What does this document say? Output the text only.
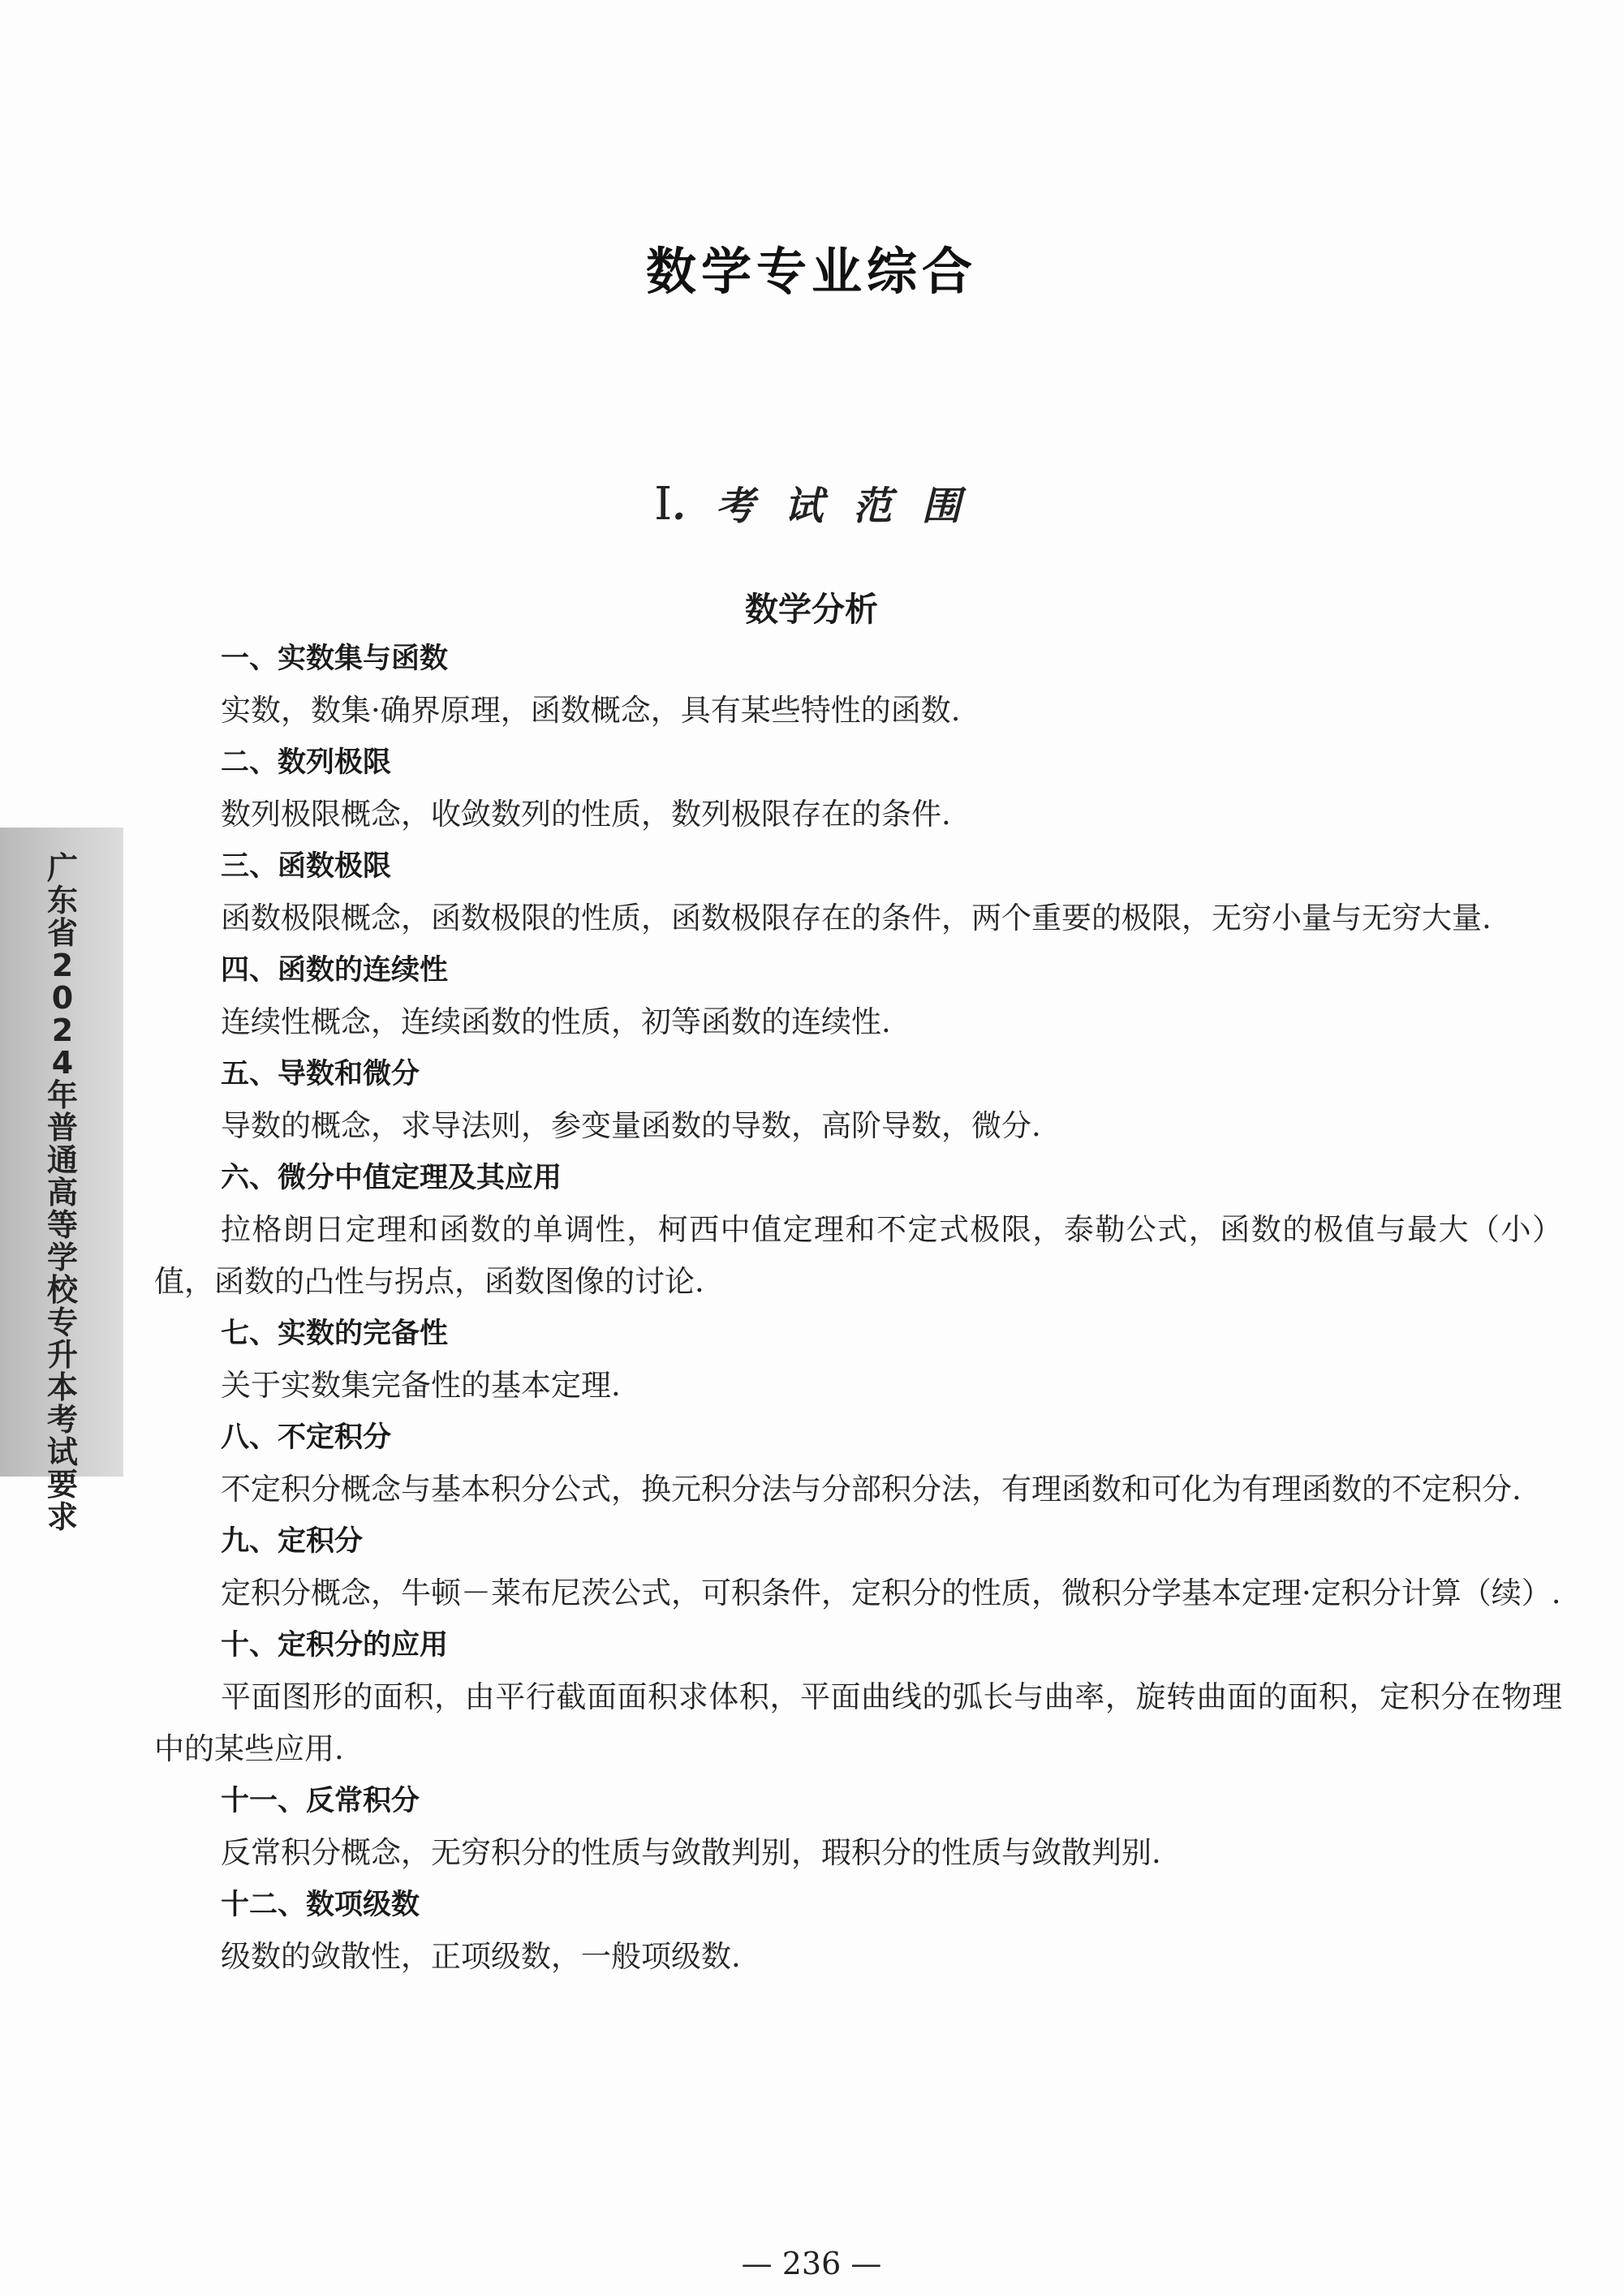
数学专业综合
I. 考 试 范 围
数学分析
一、实数集与函数
实数，数集·确界原理，函数概念，具有某些特性的函数.
二、数列极限
数列极限概念，收敛数列的性质，数列极限存在的条件.
三、函数极限
函数极限概念，函数极限的性质，函数极限存在的条件，两个重要的极限，无穷小量与无穷大量.
四、函数的连续性
连续性概念，连续函数的性质，初等函数的连续性.
五、导数和微分
导数的概念，求导法则，参变量函数的导数，高阶导数，微分.
六、微分中值定理及其应用
拉格朗日定理和函数的单调性，柯西中值定理和不定式极限，泰勒公式，函数的极值与最大（小）值，函数的凸性与拐点，函数图像的讨论.
七、实数的完备性
关于实数集完备性的基本定理.
八、不定积分
不定积分概念与基本积分公式，换元积分法与分部积分法，有理函数和可化为有理函数的不定积分.
九、定积分
定积分概念，牛顿－莱布尼茨公式，可积条件，定积分的性质，微积分学基本定理·定积分计算（续）.
十、定积分的应用
平面图形的面积，由平行截面面积求体积，平面曲线的弧长与曲率，旋转曲面的面积，定积分在物理中的某些应用.
十一、反常积分
反常积分概念，无穷积分的性质与敛散判别，瑕积分的性质与敛散判别.
十二、数项级数
级数的敛散性，正项级数，一般项级数.
广东省2024年普通高等学校专升本考试要求
— 236 —
